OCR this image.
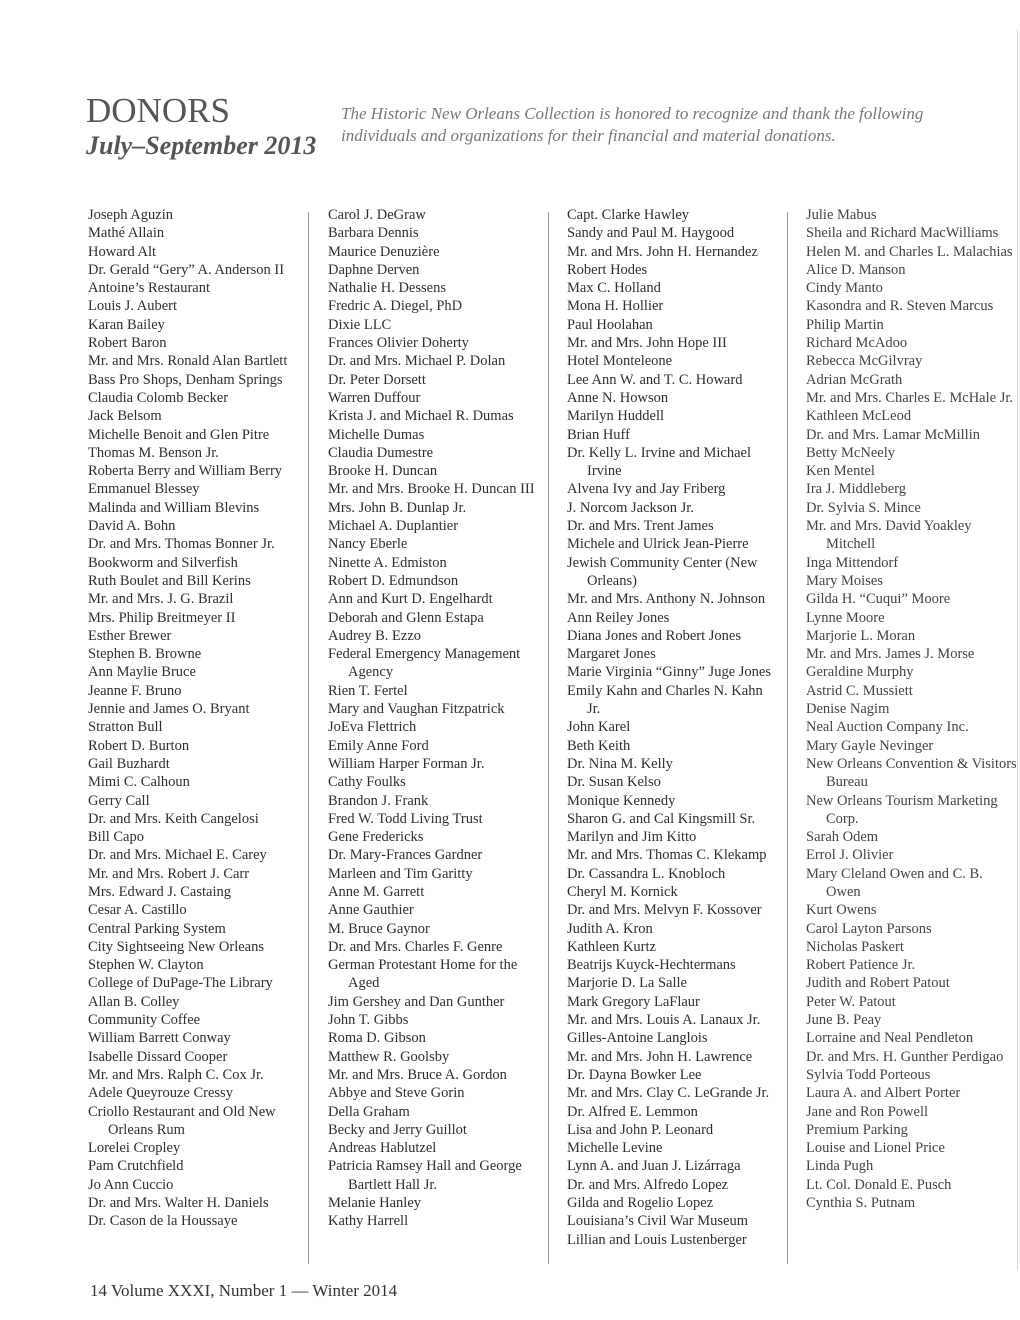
DONORS
July–September 2013
The Historic New Orleans Collection is honored to recognize and thank the following individuals and organizations for their financial and material donations.
Joseph Aguzin
Mathé Allain
Howard Alt
Dr. Gerald “Gery” A. Anderson II
Antoine’s Restaurant
Louis J. Aubert
Karan Bailey
Robert Baron
Mr. and Mrs. Ronald Alan Bartlett
Bass Pro Shops, Denham Springs
Claudia Colomb Becker
Jack Belsom
Michelle Benoit and Glen Pitre
Thomas M. Benson Jr.
Roberta Berry and William Berry
Emmanuel Blessey
Malinda and William Blevins
David A. Bohn
Dr. and Mrs. Thomas Bonner Jr.
Bookworm and Silverfish
Ruth Boulet and Bill Kerins
Mr. and Mrs. J. G. Brazil
Mrs. Philip Breitmeyer II
Esther Brewer
Stephen B. Browne
Ann Maylie Bruce
Jeanne F. Bruno
Jennie and James O. Bryant
Stratton Bull
Robert D. Burton
Gail Buzhardt
Mimi C. Calhoun
Gerry Call
Dr. and Mrs. Keith Cangelosi
Bill Capo
Dr. and Mrs. Michael E. Carey
Mr. and Mrs. Robert J. Carr
Mrs. Edward J. Castaing
Cesar A. Castillo
Central Parking System
City Sightseeing New Orleans
Stephen W. Clayton
College of DuPage-The Library
Allan B. Colley
Community Coffee
William Barrett Conway
Isabelle Dissard Cooper
Mr. and Mrs. Ralph C. Cox Jr.
Adele Queyrouze Cressy
Criollo Restaurant and Old New Orleans Rum
Lorelei Cropley
Pam Crutchfield
Jo Ann Cuccio
Dr. and Mrs. Walter H. Daniels
Dr. Cason de la Houssaye
Carol J. DeGraw
Barbara Dennis
Maurice Denuzière
Daphne Derven
Nathalie H. Dessens
Fredric A. Diegel, PhD
Dixie LLC
Frances Olivier Doherty
Dr. and Mrs. Michael P. Dolan
Dr. Peter Dorsett
Warren Duffour
Krista J. and Michael R. Dumas
Michelle Dumas
Claudia Dumestre
Brooke H. Duncan
Mr. and Mrs. Brooke H. Duncan III
Mrs. John B. Dunlap Jr.
Michael A. Duplantier
Nancy Eberle
Ninette A. Edmiston
Robert D. Edmundson
Ann and Kurt D. Engelhardt
Deborah and Glenn Estapa
Audrey B. Ezzo
Federal Emergency Management Agency
Rien T. Fertel
Mary and Vaughan Fitzpatrick
JoEva Flettrich
Emily Anne Ford
William Harper Forman Jr.
Cathy Foulks
Brandon J. Frank
Fred W. Todd Living Trust
Gene Fredericks
Dr. Mary-Frances Gardner
Marleen and Tim Garitty
Anne M. Garrett
Anne Gauthier
M. Bruce Gaynor
Dr. and Mrs. Charles F. Genre
German Protestant Home for the Aged
Jim Gershey and Dan Gunther
John T. Gibbs
Roma D. Gibson
Matthew R. Goolsby
Mr. and Mrs. Bruce A. Gordon
Abbye and Steve Gorin
Della Graham
Becky and Jerry Guillot
Andreas Hablutzel
Patricia Ramsey Hall and George Bartlett Hall Jr.
Melanie Hanley
Kathy Harrell
Capt. Clarke Hawley
Sandy and Paul M. Haygood
Mr. and Mrs. John H. Hernandez
Robert Hodes
Max C. Holland
Mona H. Hollier
Paul Hoolahan
Mr. and Mrs. John Hope III
Hotel Monteleone
Lee Ann W. and T. C. Howard
Anne N. Howson
Marilyn Huddell
Brian Huff
Dr. Kelly L. Irvine and Michael Irvine
Alvena Ivy and Jay Friberg
J. Norcom Jackson Jr.
Dr. and Mrs. Trent James
Michele and Ulrick Jean-Pierre
Jewish Community Center (New Orleans)
Mr. and Mrs. Anthony N. Johnson
Ann Reiley Jones
Diana Jones and Robert Jones
Margaret Jones
Marie Virginia “Ginny” Juge Jones
Emily Kahn and Charles N. Kahn Jr.
John Karel
Beth Keith
Dr. Nina M. Kelly
Dr. Susan Kelso
Monique Kennedy
Sharon G. and Cal Kingsmill Sr.
Marilyn and Jim Kitto
Mr. and Mrs. Thomas C. Klekamp
Dr. Cassandra L. Knobloch
Cheryl M. Kornick
Dr. and Mrs. Melvyn F. Kossover
Judith A. Kron
Kathleen Kurtz
Beatrijs Kuyck-Hechtermans
Marjorie D. La Salle
Mark Gregory LaFlaur
Mr. and Mrs. Louis A. Lanaux Jr.
Gilles-Antoine Langlois
Mr. and Mrs. John H. Lawrence
Dr. Dayna Bowker Lee
Mr. and Mrs. Clay C. LeGrande Jr.
Dr. Alfred E. Lemmon
Lisa and John P. Leonard
Michelle Levine
Lynn A. and Juan J. Lizárraga
Dr. and Mrs. Alfredo Lopez
Gilda and Rogelio Lopez
Louisiana’s Civil War Museum
Lillian and Louis Lustenberger
Julie Mabus
Sheila and Richard MacWilliams
Helen M. and Charles L. Malachias
Alice D. Manson
Cindy Manto
Kasondra and R. Steven Marcus
Philip Martin
Richard McAdoo
Rebecca McGilvray
Adrian McGrath
Mr. and Mrs. Charles E. McHale Jr.
Kathleen McLeod
Dr. and Mrs. Lamar McMillin
Betty McNeely
Ken Mentel
Ira J. Middleberg
Dr. Sylvia S. Mince
Mr. and Mrs. David Yoakley Mitchell
Inga Mittendorf
Mary Moises
Gilda H. “Cuqui” Moore
Lynne Moore
Marjorie L. Moran
Mr. and Mrs. James J. Morse
Geraldine Murphy
Astrid C. Mussiett
Denise Nagim
Neal Auction Company Inc.
Mary Gayle Nevinger
New Orleans Convention & Visitors Bureau
New Orleans Tourism Marketing Corp.
Sarah Odem
Errol J. Olivier
Mary Cleland Owen and C. B. Owen
Kurt Owens
Carol Layton Parsons
Nicholas Paskert
Robert Patience Jr.
Judith and Robert Patout
Peter W. Patout
June B. Peay
Lorraine and Neal Pendleton
Dr. and Mrs. H. Gunther Perdigao
Sylvia Todd Porteous
Laura A. and Albert Porter
Jane and Ron Powell
Premium Parking
Louise and Lionel Price
Linda Pugh
Lt. Col. Donald E. Pusch
Cynthia S. Putnam
14 Volume XXXI, Number 1 — Winter 2014
